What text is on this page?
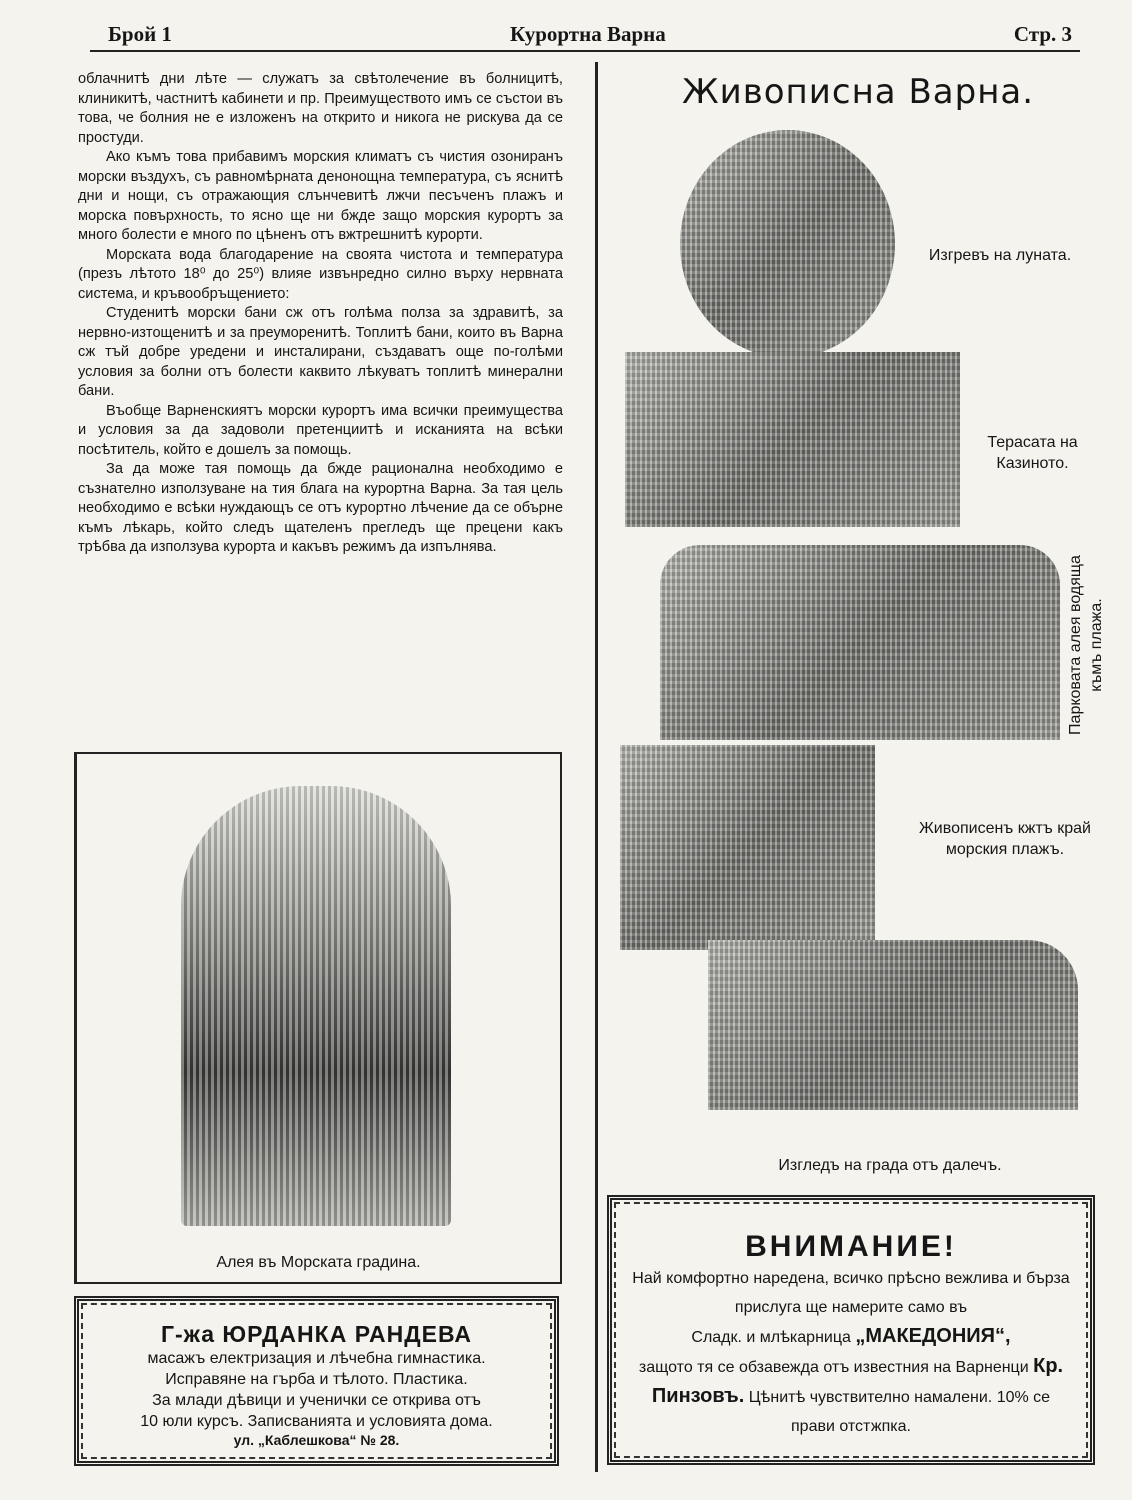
Брой 1	Курортна Варна	Стр. 3

облачнитѣ дни лѣте — служатъ за свѣтолечение въ болницитѣ, клиникитѣ, частнитѣ кабинети и пр. Преимуществото имъ се състои въ това, че болния не е изложенъ на открито и никога не рискува да се простуди.

Ако къмъ това прибавимъ морския климатъ съ чистия озониранъ морски въздухъ, съ равномѣрната денонощна температура, съ яснитѣ дни и нощи, съ отражающия слънчевитѣ лжчи песъченъ плажъ и морска повърхность, то ясно ще ни бжде защо морския курортъ за много болести е много по цѣненъ отъ вжтрешнитѣ курорти.

Морската вода благодарение на своята чистота и температура (презъ лѣтото 18⁰ до 25⁰) влияе извънредно силно върху нервната система, и кръвообръщението:

Студенитѣ морски бани сж отъ голѣма полза за здравитѣ, за нервно-изтощенитѣ и за преуморенитѣ. Топлитѣ бани, които въ Варна сж тъй добре уредени и инсталирани, създаватъ още по-голѣми условия за болни отъ болести каквито лѣкуватъ топлитѣ минерални бани.

Въобще Варненскиятъ морски курортъ има всички преимущества и условия за да задоволи претенциитѣ и исканията на всѣки посѣтитель, който е дошелъ за помощь.

За да може тая помощь да бжде рационална необходимо е съзнателно използуване на тия блага на курортна Варна. За тая цель необходимо е всѣки нуждающъ се отъ курортно лѣчение да се обърне къмъ лѣкарь, който следъ щателенъ прегледъ ще прецени какъ трѣбва да използува курорта и какъвъ режимъ да изпълнява.

Алея въ Морската градина.
Г-жа ЮРДАНКА РАНДЕВА
масажъ електризация и лѣчебна гимнастика.
Исправяне на гърба и тѣлото. Пластика.
За млади дѣвици и ученички се открива отъ
10 юли курсъ. Записванията и условията дома.
ул. „Каблешкова“ № 28.
Живописна Варна.
Изгревъ на луната.
Терасата на Казиното.
Парковата алея водяща къмъ плажа.
Живописенъ кжтъ край морския плажъ.
Изгледъ на града отъ далечъ.
ВНИМАНИЕ!
Най комфортно наредена, всичко прѣсно вежлива и бърза прислуга ще намерите само въ
Сладк. и млѣкарница „МАКЕДОНИЯ“,
защото тя се обзавежда отъ известния на Варненци Кр. Пинзовъ. Цѣнитѣ чувствително намалени. 10% се прави отстжпка.
